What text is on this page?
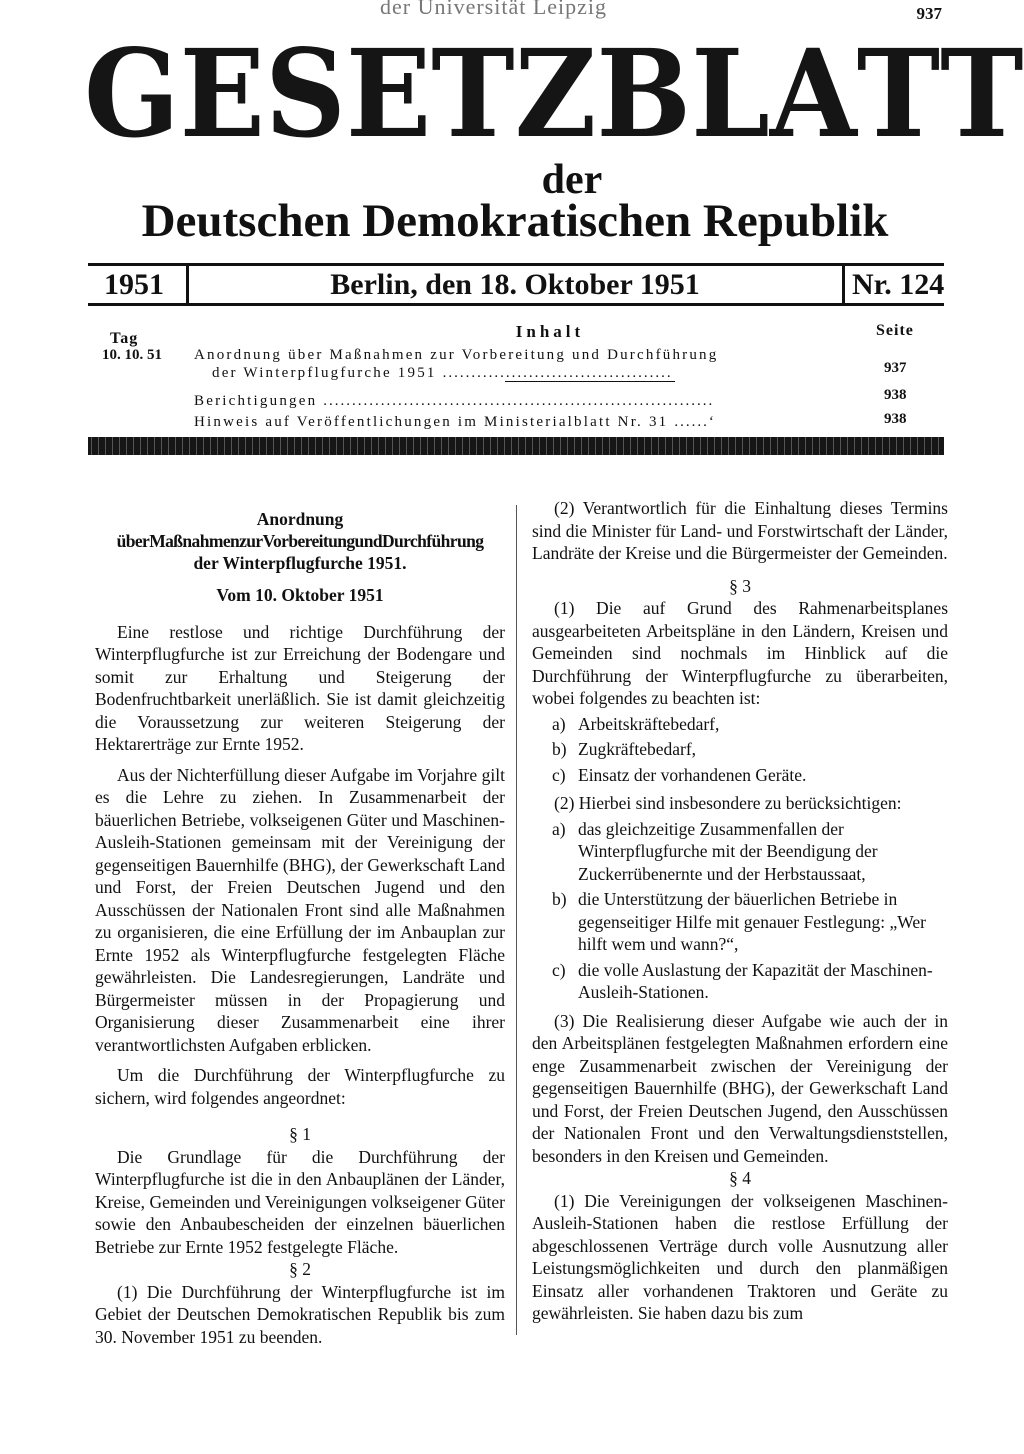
der Universität Leipzig	937
G E S E T Z B L A T T
der
Deutschen Demokratischen Republik
1951	Berlin, den 18. Oktober 1951	Nr. 124
Tag	Inhalt	Seite
10. 10. 51 Anordnung über Maßnahmen zur Vorbereitung und Durchführung
der Winterpflugfurche 1951 ........................................	937
Berichtigungen ....................................................................	938
Hinweis auf Veröffentlichungen im Ministerialblatt Nr. 31 ......‘	938
Anordnung
überMaßnahmenzurVorbereitungundDurchführung
der Winterpflugfurche 1951.

Vom 10. Oktober 1951

Eine restlose und richtige Durchführung der Winterpflugfurche ist zur Erreichung der Bodengare und somit zur Erhaltung und Steigerung der Bodenfruchtbarkeit unerläßlich. Sie ist damit gleichzeitig die Voraussetzung zur weiteren Steigerung der Hektarerträge zur Ernte 1952.

Aus der Nichterfüllung dieser Aufgabe im Vorjahre gilt es die Lehre zu ziehen. In Zusammenarbeit der bäuerlichen Betriebe, volkseigenen Güter und Maschinen-Ausleih-Stationen gemeinsam mit der Vereinigung der gegenseitigen Bauernhilfe (BHG), der Gewerkschaft Land und Forst, der Freien Deutschen Jugend und den Ausschüssen der Nationalen Front sind alle Maßnahmen zu organisieren, die eine Erfüllung der im Anbauplan zur Ernte 1952 als Winterpflugfurche festgelegten Fläche gewährleisten. Die Landesregierungen, Landräte und Bürgermeister müssen in der Propagierung und Organisierung dieser Zusammenarbeit eine ihrer verantwortlichsten Aufgaben erblicken.

Um die Durchführung der Winterpflugfurche zu sichern, wird folgendes angeordnet:

§ 1

Die Grundlage für die Durchführung der Winterpflugfurche ist die in den Anbauplänen der Länder, Kreise, Gemeinden und Vereinigungen volkseigener Güter sowie den Anbaubescheiden der einzelnen bäuerlichen Betriebe zur Ernte 1952 festgelegte Fläche.

§ 2

(1) Die Durchführung der Winterpflugfurche ist im Gebiet der Deutschen Demokratischen Republik bis zum 30. November 1951 zu beenden.

(2) Verantwortlich für die Einhaltung dieses Termins sind die Minister für Land- und Forstwirtschaft der Länder, Landräte der Kreise und die Bürgermeister der Gemeinden.

§ 3

(1) Die auf Grund des Rahmenarbeitsplanes ausgearbeiteten Arbeitspläne in den Ländern, Kreisen und Gemeinden sind nochmals im Hinblick auf die Durchführung der Winterpflugfurche zu überarbeiten, wobei folgendes zu beachten ist:

a) Arbeitskräftebedarf,
b) Zugkräftebedarf,
c) Einsatz der vorhandenen Geräte.

(2) Hierbei sind insbesondere zu berücksichtigen:

a) das gleichzeitige Zusammenfallen der Winterpflugfurche mit der Beendigung der Zuckerrübenernte und der Herbstaussaat,
b) die Unterstützung der bäuerlichen Betriebe in gegenseitiger Hilfe mit genauer Festlegung: „Wer hilft wem und wann?“,
c) die volle Auslastung der Kapazität der Maschinen-Ausleih-Stationen.

(3) Die Realisierung dieser Aufgabe wie auch der in den Arbeitsplänen festgelegten Maßnahmen erfordern eine enge Zusammenarbeit zwischen der Vereinigung der gegenseitigen Bauernhilfe (BHG), der Gewerkschaft Land und Forst, der Freien Deutschen Jugend, den Ausschüssen der Nationalen Front und den Verwaltungsdienststellen, besonders in den Kreisen und Gemeinden.

§ 4

(1) Die Vereinigungen der volkseigenen Maschinen-Ausleih-Stationen haben die restlose Erfüllung der abgeschlossenen Verträge durch volle Ausnutzung aller Leistungsmöglichkeiten und durch den planmäßigen Einsatz aller vorhandenen Traktoren und Geräte zu gewährleisten. Sie haben dazu bis zum
